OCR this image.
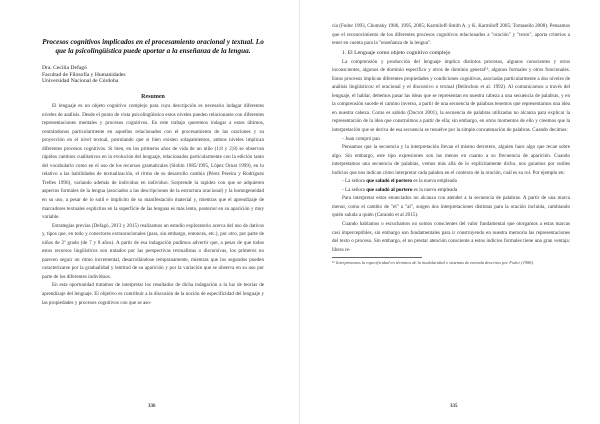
Procesos cognitivos implicados en el procesamiento oracional y textual. Lo que la psicolingüística puede aportar a la enseñanza de la lengua.
Dra. Cecilia Defagó
Facultad de Filosofía y Humanidades
Universidad Nacional de Córdoba
Resumen

El lenguaje es un objeto cognitivo complejo para cuya descripción es necesario indagar diferentes niveles de análisis. Desde el punto de vista psicolingüístico estos niveles pueden relacionarse con diferentes representaciones mentales y procesos cognitivos. En este trabajo queremos indagar a estos últimos, centrándonos particularmente en aquellos relacionados con el procesamiento de las oraciones y su proyección en el nivel textual, postulando que si bien existen solapamientos, ambos niveles implican diferentes procesos cognitivos. Si bien, en los primeros años de vida de un niño (1;8 y 2;8) se observan rápidos cambios cualitativos en la evolución del lenguaje, relacionados particularmente con la edición tanto del vocabulario como en el uso de los recursos gramaticales (Slobin 1985/1995, López Ornat 1999), en lo relativo a las habilidades de textualización, el ritmo de su desarrollo cambia (Pérez Pereira y Rodríguez Trelles 1996), variando además de individuo en individuo. Sorprende la rapidez con que se adquieren aspectos formales de la lengua (asociados a las descripciones de la estructura oracional) y la homogeneidad en su uso, a pesar de lo sutil e implícito de su manifestación material y, mientras que el aprendizaje de marcadores textuales explícitos en la superficie de las lenguas es más lento, posterior en su aparición y muy variable.

Estrategias previas (Defagó, 2013 y 2015) realizamos un estudio exploratorio acerca del uso de dativos y, tipos que, en todo y conectores extraoracionales (para, sin embargo, entonces, etc.), por otro, por parte de niños de 2º grado (de 7 y 8 años). A partir de esa indagación pudimos advertir que, a pesar de que todos estos recursos lingüísticos son tratados por las perspectivas textualistas o discursivas, los primeros no parecen seguir un ritmo incremental, desarrollándose tempranamente, mientras que los segundos pueden caracterizarse por la gradualidad y lentitud de su aparición y por la variación que se observa en su uso por parte de los diferentes individuos.

En esta oportunidad tratamos de interpretar los resultados de dicha indagación a la luz de teorías de aprendizaje del lenguaje. El objetivo es contribuir a la discusión de la noción de especificidad del lenguaje y las propiedades y procesos cognitivos con que se aso-

336

cia (Fodor 1993, Chomsky 1986, 1995, 2005; Karmiloff-Smith A. y K. Karmiloff 2005; Tomasello 2008). Pensamos que el reconocimiento de los diferentes procesos cognitivos relacionados a "oración" y "texto", aporta criterios a tener en cuenta para la "enseñanza de la lengua".

1. El Lenguaje como objeto cognitivo complejo

La comprensión y producción del lenguaje implica distintos procesos, algunos conscientes y otros inconscientes, algunos de dominio específico y otros de dominio general¹⁶, algunos formales y otros funcionales. Estos procesos implican diferentes propiedades y condiciones cognitivas, asociadas particularmente a dos niveles de análisis lingüísticos: el oracional y el discursivo o textual (Belinchon et al. 1992). Al comunicarnos a través del lenguaje, el hablar, debemos pasar las ideas que se representan en nuestra cabeza a una secuencia de palabras, y en la comprensión sucede el camino inverso, a partir de una secuencia de palabras tenemos que representarnos una idea en nuestra cabeza. Como es sabido (Ducrot 2001), la secuencia de palabras utilizadas no alcanza para explicar la representación de la idea que construimos a partir de ella; sin embargo, en otros momentos de ello y creemos que la interpretación que se deriva de esa secuencia se resuelve por la simple concatenación de palabras. Cuando decimos:

- Juan compró pan

Pensamos que la secuencia y la interpretación llevan el mismo derrotero, alguien hace algo que recae sobre algo. Sin embargo, este tipo expresiones son las menos en cuanto a su frecuencia de aparición. Cuando interpretamos una secuencia de palabras, vemos más allá de lo explícitamente dicho, nos guiamos por sutiles indicios que nos indican cómo interpretar cada palabra en el contexto de la oración, cuál es su rol. Por ejemplo en:

- La señora que saludó el portero es la nueva empleada
- La señora que saludó al portero es la nueva empleada

Para interpretar estos enunciados no alcanza con atender a la secuencia de palabras. A partir de una marca menor, como el cambio de "el" a "al", surgen dos interpretaciones distintas para la oración incluida, cambiando quién saluda a quién (Carando et al 2015).

Cuando hablamos o escuchamos no somos conscientes del valor fundamental que otorgamos a estas marcas casi imperceptibles, sin embargo son fundamentales para ir construyendo en nuestra memoria las representaciones del texto o proceso. Sin embargo, el no prestar atención consciente a estos indicios formales tiene una gran ventaja: libera re-

¹⁶ Interpretamos la especificidad en términos de la modularidad o sistemas de entrada descritos por Fodor (1986).
335
